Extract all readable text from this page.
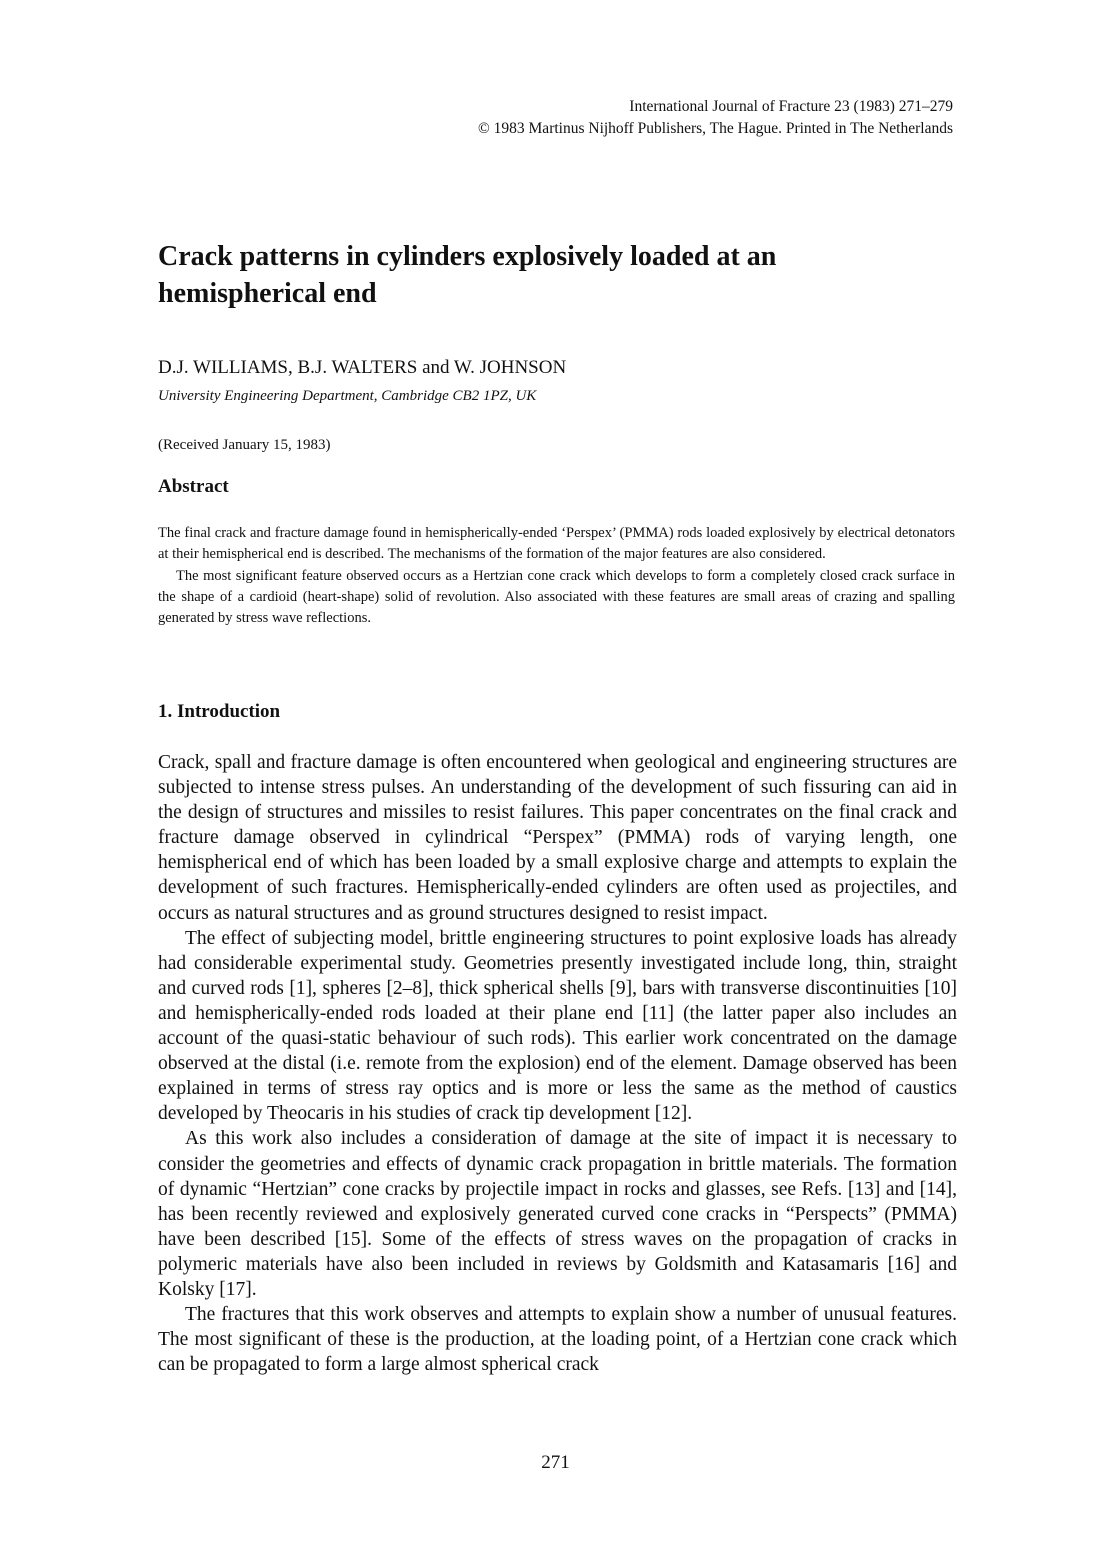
International Journal of Fracture 23 (1983) 271–279
© 1983 Martinus Nijhoff Publishers, The Hague. Printed in The Netherlands
Crack patterns in cylinders explosively loaded at an hemispherical end
D.J. WILLIAMS, B.J. WALTERS and W. JOHNSON
University Engineering Department, Cambridge CB2 1PZ, UK
(Received January 15, 1983)
Abstract

The final crack and fracture damage found in hemispherically-ended ‘Perspex’ (PMMA) rods loaded explosively by electrical detonators at their hemispherical end is described. The mechanisms of the formation of the major features are also considered.

The most significant feature observed occurs as a Hertzian cone crack which develops to form a completely closed crack surface in the shape of a cardioid (heart-shape) solid of revolution. Also associated with these features are small areas of crazing and spalling generated by stress wave reflections.

1. Introduction

Crack, spall and fracture damage is often encountered when geological and engineering structures are subjected to intense stress pulses. An understanding of the development of such fissuring can aid in the design of structures and missiles to resist failures. This paper concentrates on the final crack and fracture damage observed in cylindrical “Perspex” (PMMA) rods of varying length, one hemispherical end of which has been loaded by a small explosive charge and attempts to explain the development of such fractures. Hemispherically-ended cylinders are often used as projectiles, and occurs as natural structures and as ground structures designed to resist impact.

The effect of subjecting model, brittle engineering structures to point explosive loads has already had considerable experimental study. Geometries presently investigated include long, thin, straight and curved rods [1], spheres [2–8], thick spherical shells [9], bars with transverse discontinuities [10] and hemispherically-ended rods loaded at their plane end [11] (the latter paper also includes an account of the quasi-static behaviour of such rods). This earlier work concentrated on the damage observed at the distal (i.e. remote from the explosion) end of the element. Damage observed has been explained in terms of stress ray optics and is more or less the same as the method of caustics developed by Theocaris in his studies of crack tip development [12].

As this work also includes a consideration of damage at the site of impact it is necessary to consider the geometries and effects of dynamic crack propagation in brittle materials. The formation of dynamic “Hertzian” cone cracks by projectile impact in rocks and glasses, see Refs. [13] and [14], has been recently reviewed and explosively generated curved cone cracks in “Perspects” (PMMA) have been described [15]. Some of the effects of stress waves on the propagation of cracks in polymeric materials have also been included in reviews by Goldsmith and Katasamaris [16] and Kolsky [17].

The fractures that this work observes and attempts to explain show a number of unusual features. The most significant of these is the production, at the loading point, of a Hertzian cone crack which can be propagated to form a large almost spherical crack

271
